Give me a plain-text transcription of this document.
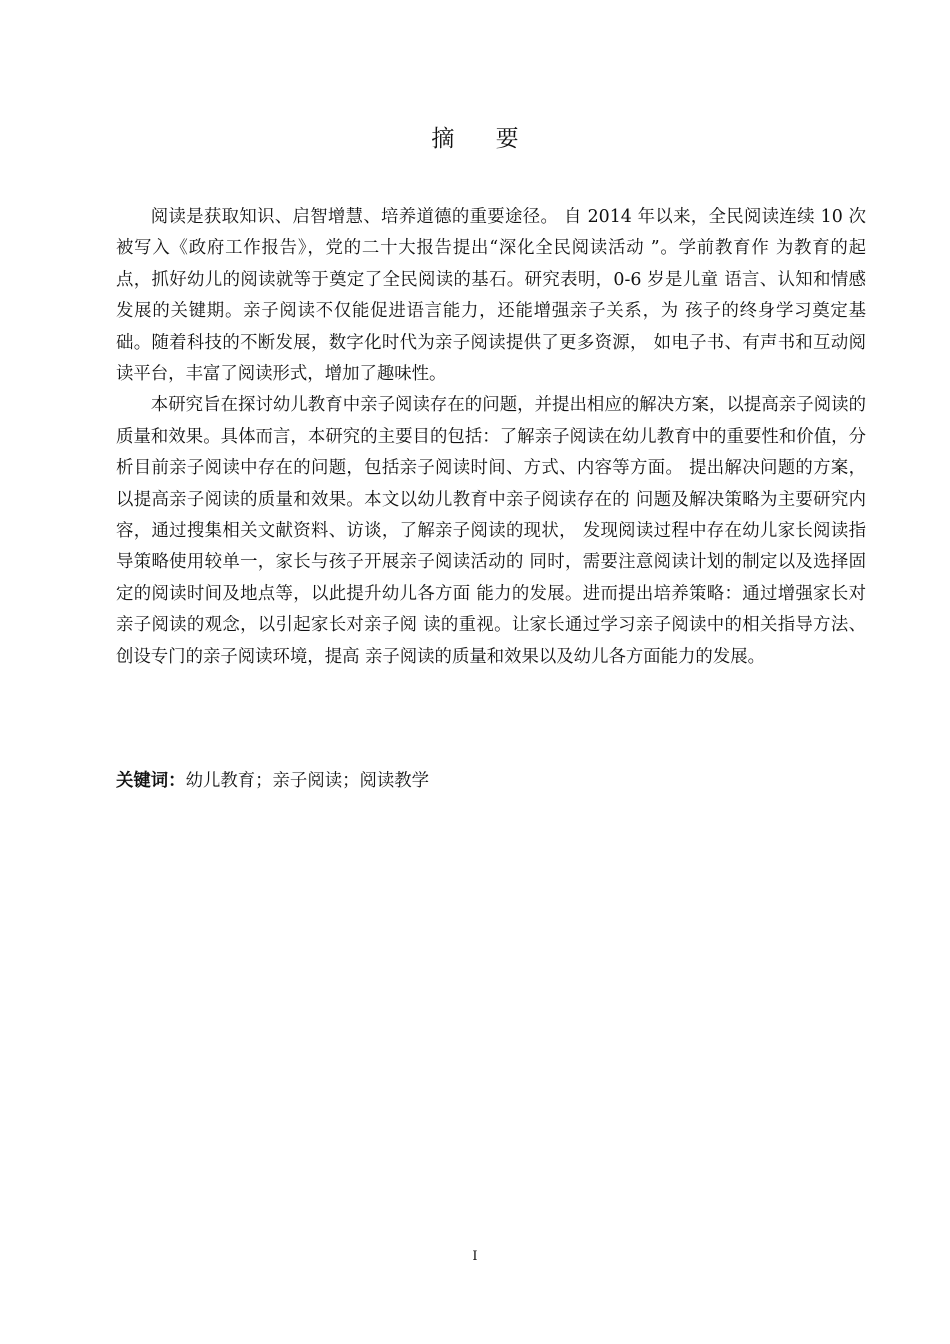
摘 要

阅读是获取知识、启智增慧、培养道德的重要途径。 自 2014 年以来，全民阅读连续 10 次被写入《政府工作报告》，党的二十大报告提出“深化全民阅读活动 ”。学前教育作 为教育的起点，抓好幼儿的阅读就等于奠定了全民阅读的基石。研究表明，0-6 岁是儿童 语言、认知和情感发展的关键期。亲子阅读不仅能促进语言能力，还能增强亲子关系，为 孩子的终身学习奠定基础。随着科技的不断发展，数字化时代为亲子阅读提供了更多资源， 如电子书、有声书和互动阅读平台，丰富了阅读形式，增加了趣味性。

本研究旨在探讨幼儿教育中亲子阅读存在的问题，并提出相应的解决方案，以提高亲子阅读的质量和效果。具体而言，本研究的主要目的包括：了解亲子阅读在幼儿教育中的重要性和价值，分析目前亲子阅读中存在的问题，包括亲子阅读时间、方式、内容等方面。 提出解决问题的方案，以提高亲子阅读的质量和效果。本文以幼儿教育中亲子阅读存在的 问题及解决策略为主要研究内容，通过搜集相关文献资料、访谈，了解亲子阅读的现状， 发现阅读过程中存在幼儿家长阅读指导策略使用较单一，家长与孩子开展亲子阅读活动的 同时，需要注意阅读计划的制定以及选择固定的阅读时间及地点等，以此提升幼儿各方面 能力的发展。进而提出培养策略：通过增强家长对亲子阅读的观念，以引起家长对亲子阅 读的重视。让家长通过学习亲子阅读中的相关指导方法、创设专门的亲子阅读环境，提高 亲子阅读的质量和效果以及幼儿各方面能力的发展。

关键词：幼儿教育；亲子阅读；阅读教学
I
